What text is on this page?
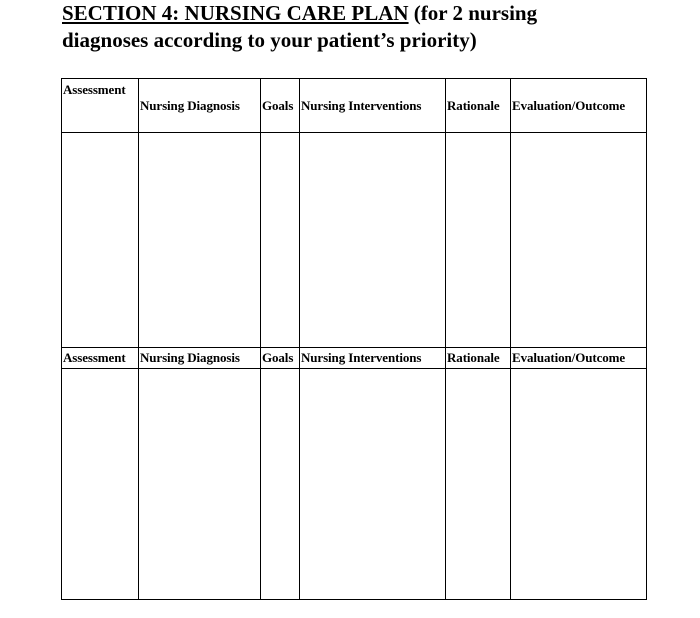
SECTION 4: NURSING CARE PLAN (for 2 nursing
diagnoses according to your patient’s priority)
Assessment	Nursing Diagnosis	Goals	Nursing Interventions	Rationale	Evaluation/Outcome

Assessment	Nursing Diagnosis	Goals	Nursing Interventions	Rationale	Evaluation/Outcome
